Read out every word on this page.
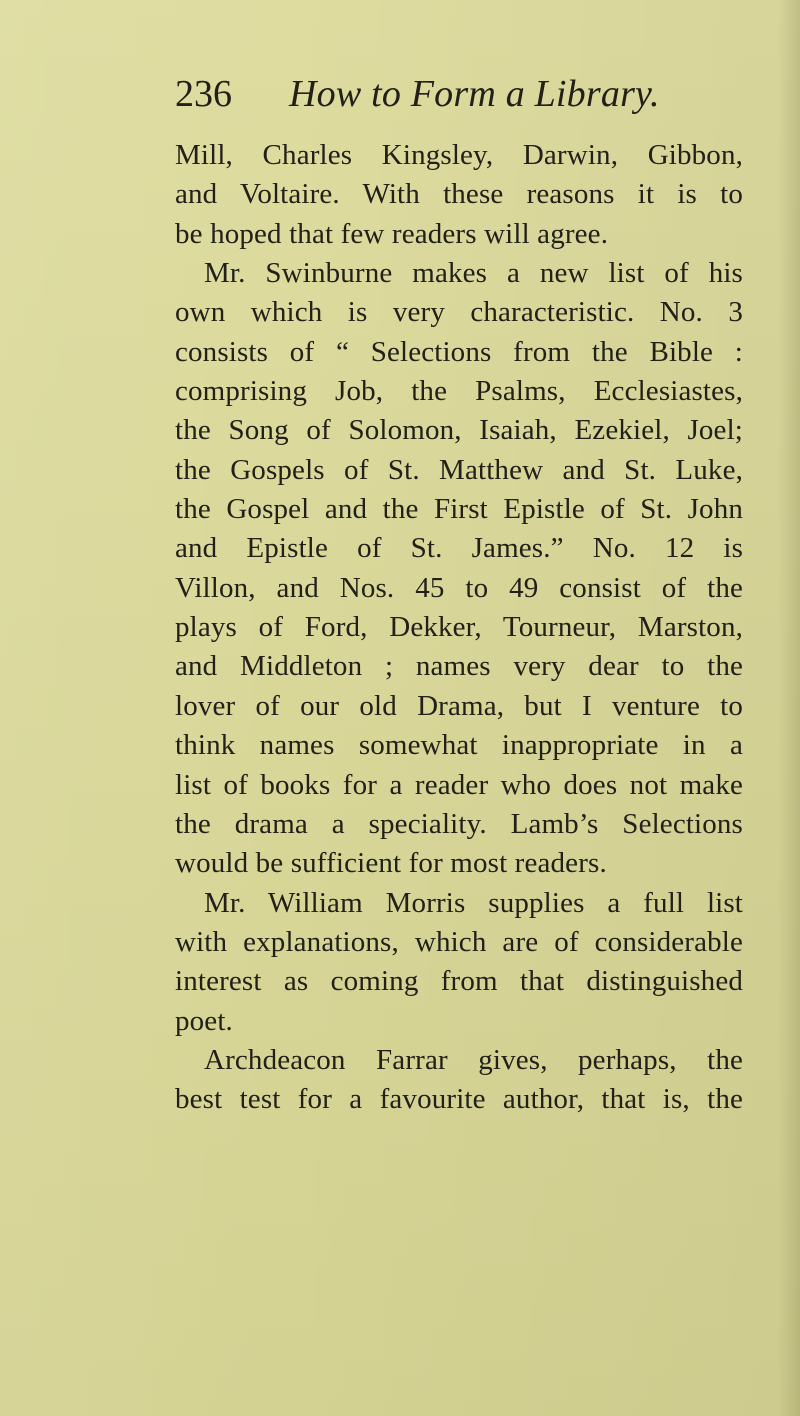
236 How to Form a Library.
Mill, Charles Kingsley, Darwin, Gibbon,
and Voltaire. With these reasons it is to
be hoped that few readers will agree.
Mr. Swinburne makes a new list of his
own which is very characteristic. No. 3
consists of “ Selections from the Bible :
comprising Job, the Psalms, Ecclesiastes,
the Song of Solomon, Isaiah, Ezekiel, Joel;
the Gospels of St. Matthew and St. Luke,
the Gospel and the First Epistle of St. John
and Epistle of St. James.” No. 12 is
Villon, and Nos. 45 to 49 consist of the
plays of Ford, Dekker, Tourneur, Marston,
and Middleton ; names very dear to the
lover of our old Drama, but I venture to
think names somewhat inappropriate in a
list of books for a reader who does not make
the drama a speciality. Lamb’s Selections
would be sufficient for most readers.
Mr. William Morris supplies a full list
with explanations, which are of considerable
interest as coming from that distinguished
poet.
Archdeacon Farrar gives, perhaps, the
best test for a favourite author, that is, the
